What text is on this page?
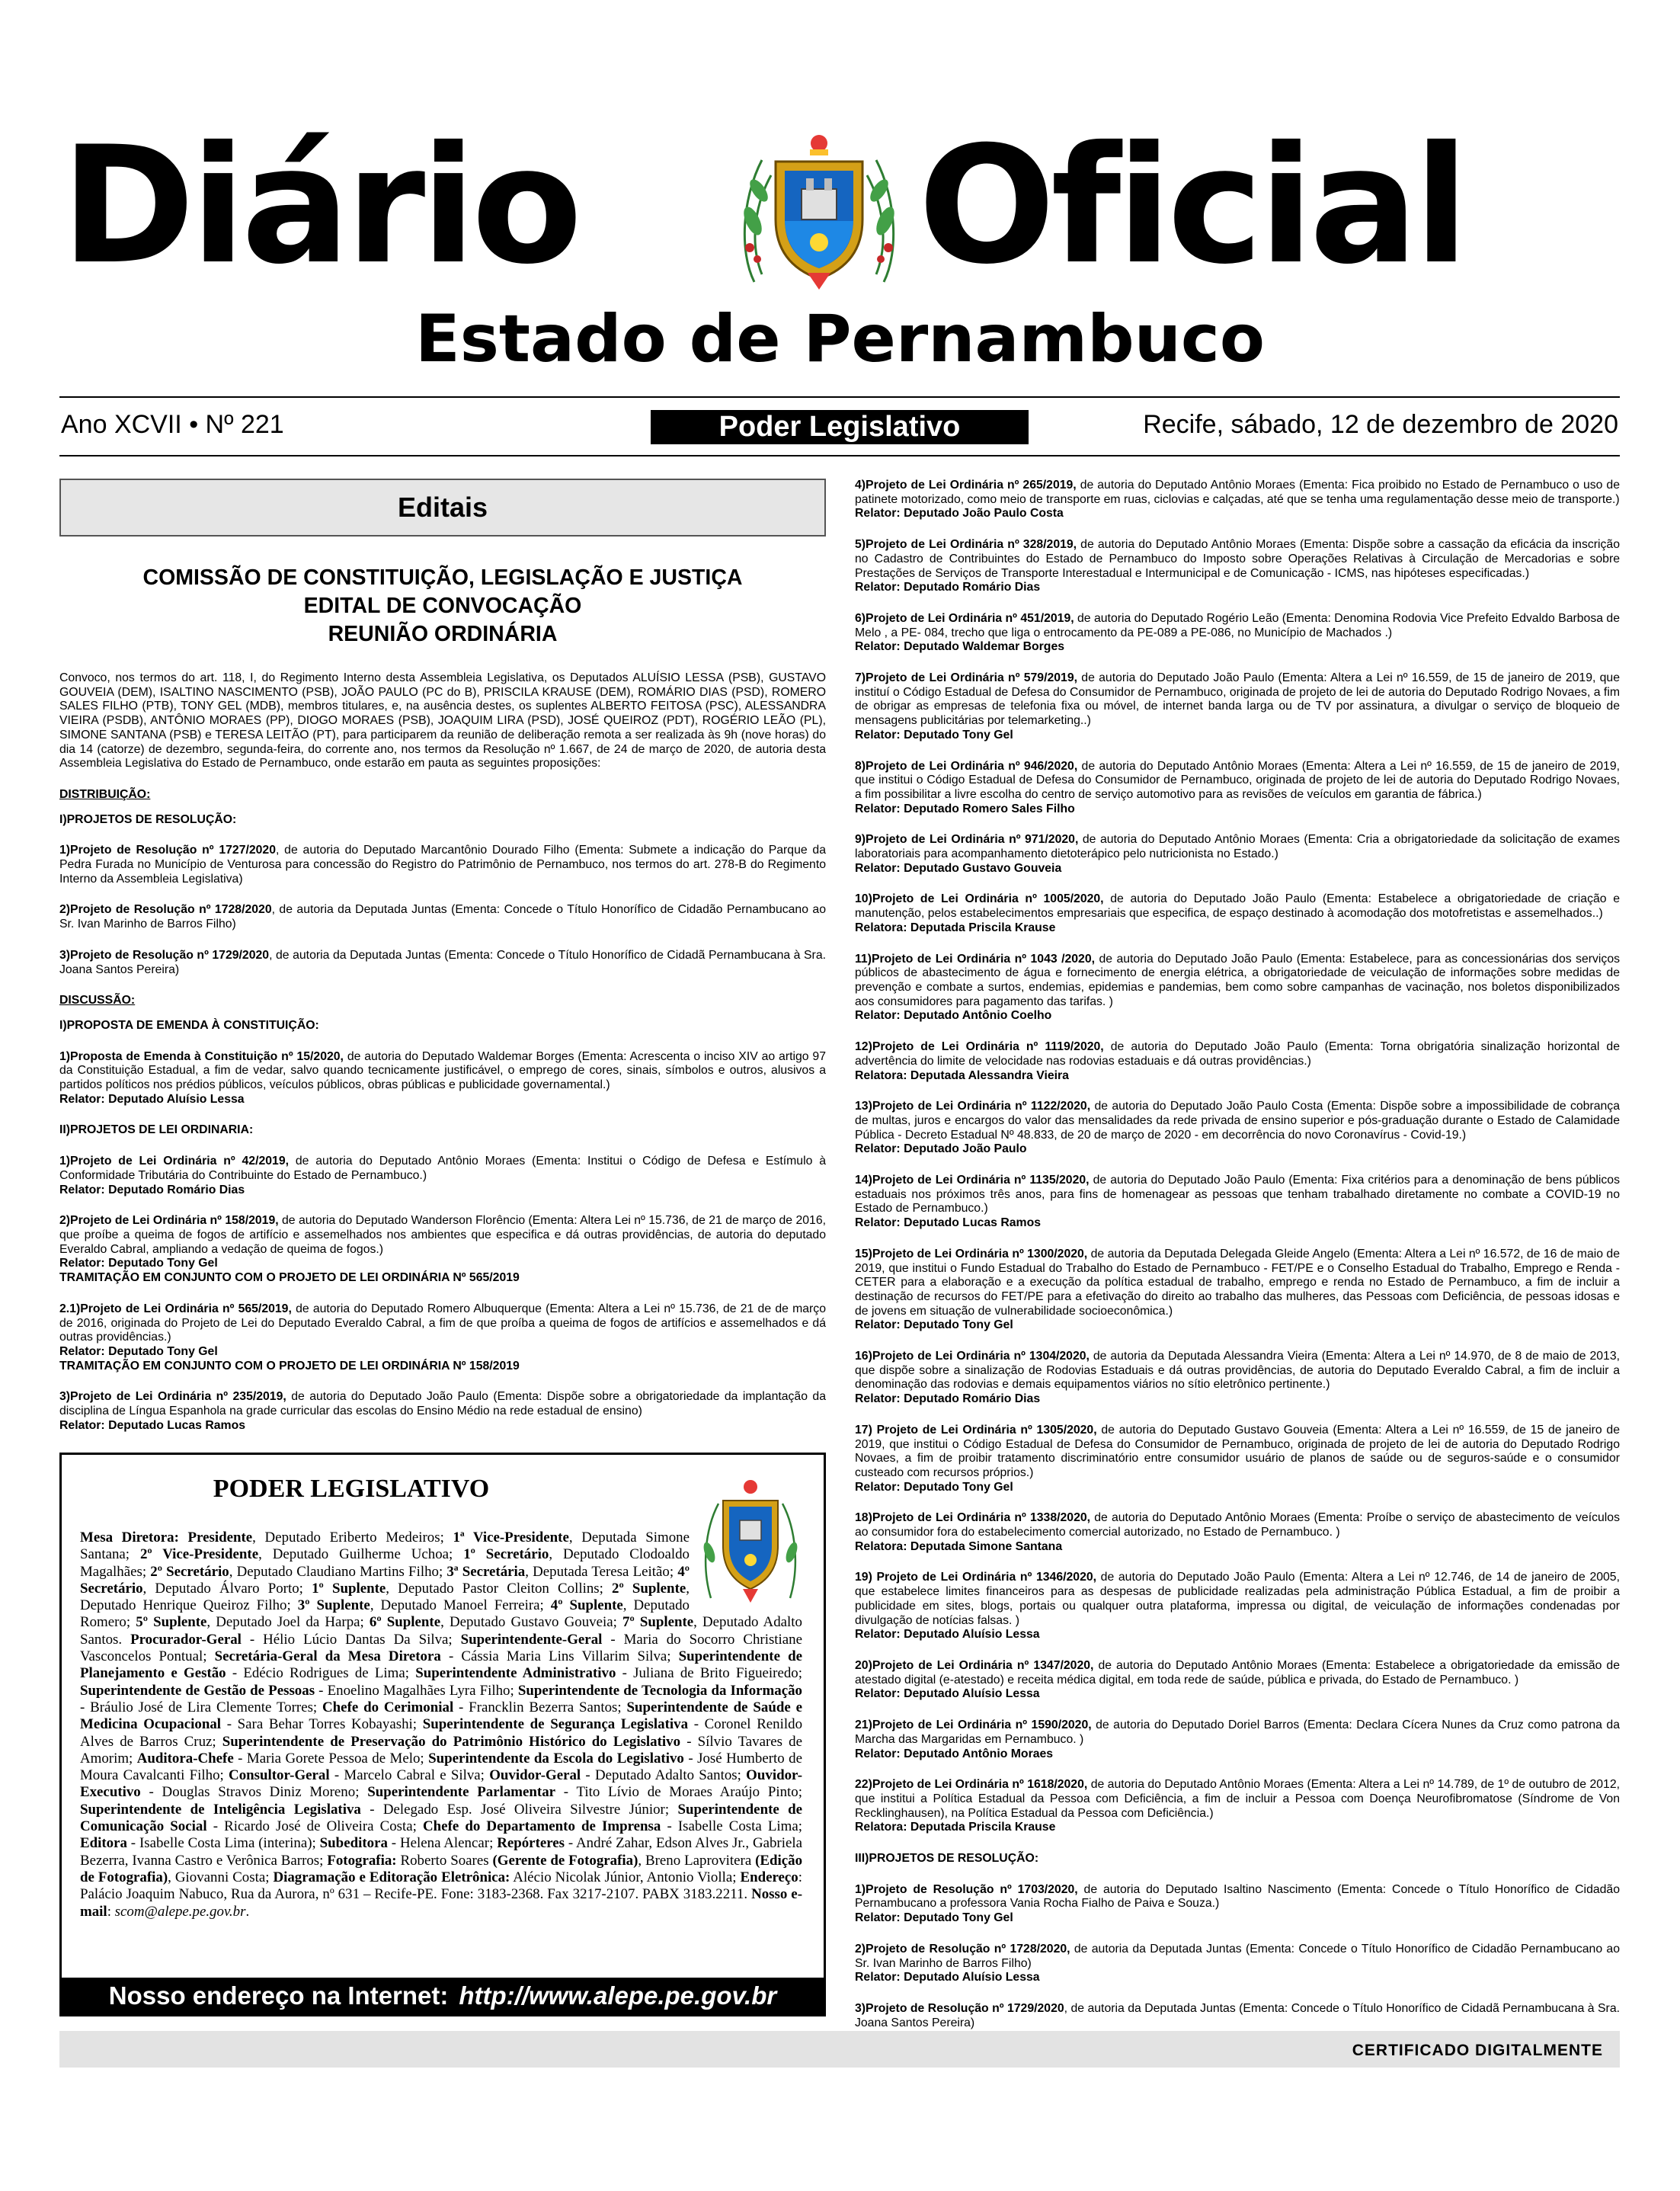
Diário Oficial
Estado de Pernambuco
Ano XCVII • Nº 221	Poder Legislativo	Recife, sábado, 12 de dezembro de 2020
Editais
COMISSÃO DE CONSTITUIÇÃO, LEGISLAÇÃO E JUSTIÇA
EDITAL DE CONVOCAÇÃO
REUNIÃO ORDINÁRIA

Convoco, nos termos do art. 118, I, do Regimento Interno desta Assembleia Legislativa, os Deputados ALUÍSIO LESSA (PSB), GUSTAVO GOUVEIA (DEM), ISALTINO NASCIMENTO (PSB), JOÃO PAULO (PC do B), PRISCILA KRAUSE (DEM), ROMÁRIO DIAS (PSD), ROMERO SALES FILHO (PTB), TONY GEL (MDB), membros titulares, e, na ausência destes, os suplentes ALBERTO FEITOSA (PSC), ALESSANDRA VIEIRA (PSDB), ANTÔNIO MORAES (PP), DIOGO MORAES (PSB), JOAQUIM LIRA (PSD), JOSÉ QUEIROZ (PDT), ROGÉRIO LEÃO (PL), SIMONE SANTANA (PSB) e TERESA LEITÃO (PT), para participarem da reunião de deliberação remota a ser realizada às 9h (nove horas) do dia 14 (catorze) de dezembro, segunda-feira, do corrente ano, nos termos da Resolução nº 1.667, de 24 de março de 2020, de autoria desta Assembleia Legislativa do Estado de Pernambuco, onde estarão em pauta as seguintes proposições:

DISTRIBUIÇÃO:

I)PROJETOS DE RESOLUÇÃO:

1)Projeto de Resolução nº 1727/2020, de autoria do Deputado Marcantônio Dourado Filho (Ementa: Submete a indicação do Parque da Pedra Furada no Município de Venturosa para concessão do Registro do Patrimônio de Pernambuco, nos termos do art. 278-B do Regimento Interno da Assembleia Legislativa)

2)Projeto de Resolução nº 1728/2020, de autoria da Deputada Juntas (Ementa: Concede o Título Honorífico de Cidadão Pernambucano ao Sr. Ivan Marinho de Barros Filho)

3)Projeto de Resolução nº 1729/2020, de autoria da Deputada Juntas (Ementa: Concede o Título Honorífico de Cidadã Pernambucana à Sra. Joana Santos Pereira)

DISCUSSÃO:

I)PROPOSTA DE EMENDA À CONSTITUIÇÃO:

1)Proposta de Emenda à Constituição nº 15/2020, de autoria do Deputado Waldemar Borges (Ementa: Acrescenta o inciso XIV ao artigo 97 da Constituição Estadual, a fim de vedar, salvo quando tecnicamente justificável, o emprego de cores, sinais, símbolos e outros, alusivos a partidos políticos nos prédios públicos, veículos públicos, obras públicas e publicidade governamental.)
Relator: Deputado Aluísio Lessa

II)PROJETOS DE LEI ORDINARIA:

1)Projeto de Lei Ordinária nº 42/2019, de autoria do Deputado Antônio Moraes (Ementa: Institui o Código de Defesa e Estímulo à Conformidade Tributária do Contribuinte do Estado de Pernambuco.)
Relator: Deputado Romário Dias

2)Projeto de Lei Ordinária nº 158/2019, de autoria do Deputado Wanderson Florêncio (Ementa: Altera Lei nº 15.736, de 21 de março de 2016, que proíbe a queima de fogos de artifício e assemelhados nos ambientes que especifica e dá outras providências, de autoria do deputado Everaldo Cabral, ampliando a vedação de queima de fogos.)
Relator: Deputado Tony Gel
TRAMITAÇÃO EM CONJUNTO COM O PROJETO DE LEI ORDINÁRIA Nº 565/2019

2.1)Projeto de Lei Ordinária nº 565/2019, de autoria do Deputado Romero Albuquerque (Ementa: Altera a Lei nº 15.736, de 21 de de março de 2016, originada do Projeto de Lei do Deputado Everaldo Cabral, a fim de que proíba a queima de fogos de artifícios e assemelhados e dá outras providências.)
Relator: Deputado Tony Gel
TRAMITAÇÃO EM CONJUNTO COM O PROJETO DE LEI ORDINÁRIA Nº 158/2019

3)Projeto de Lei Ordinária nº 235/2019, de autoria do Deputado João Paulo (Ementa: Dispõe sobre a obrigatoriedade da implantação da disciplina de Língua Espanhola na grade curricular das escolas do Ensino Médio na rede estadual de ensino)
Relator: Deputado Lucas Ramos

PODER LEGISLATIVO
Mesa Diretora: Presidente, Deputado Eriberto Medeiros; 1ª Vice-Presidente, Deputada Simone Santana; 2º Vice-Presidente, Deputado Guilherme Uchoa; 1º Secretário, Deputado Clodoaldo Magalhães; 2º Secretário, Deputado Claudiano Martins Filho; 3ª Secretária, Deputada Teresa Leitão; 4º Secretário, Deputado Álvaro Porto; 1º Suplente, Deputado Pastor Cleiton Collins; 2º Suplente, Deputado Henrique Queiroz Filho; 3º Suplente, Deputado Manoel Ferreira; 4º Suplente, Deputado Romero; 5º Suplente, Deputado Joel da Harpa; 6º Suplente, Deputado Gustavo Gouveia; 7º Suplente, Deputado Adalto Santos. Procurador-Geral - Hélio Lúcio Dantas Da Silva; Superintendente-Geral - Maria do Socorro Christiane Vasconcelos Pontual; Secretária-Geral da Mesa Diretora - Cássia Maria Lins Villarim Silva; Superintendente de Planejamento e Gestão - Edécio Rodrigues de Lima; Superintendente Administrativo - Juliana de Brito Figueiredo; Superintendente de Gestão de Pessoas - Enoelino Magalhães Lyra Filho; Superintendente de Tecnologia da Informação - Bráulio José de Lira Clemente Torres; Chefe do Cerimonial - Francklin Bezerra Santos; Superintendente de Saúde e Medicina Ocupacional - Sara Behar Torres Kobayashi; Superintendente de Segurança Legislativa - Coronel Renildo Alves de Barros Cruz; Superintendente de Preservação do Patrimônio Histórico do Legislativo - Sílvio Tavares de Amorim; Auditora-Chefe - Maria Gorete Pessoa de Melo; Superintendente da Escola do Legislativo - José Humberto de Moura Cavalcanti Filho; Consultor-Geral - Marcelo Cabral e Silva; Ouvidor-Geral - Deputado Adalto Santos; Ouvidor-Executivo - Douglas Stravos Diniz Moreno; Superintendente Parlamentar - Tito Lívio de Moraes Araújo Pinto; Superintendente de Inteligência Legislativa - Delegado Esp. José Oliveira Silvestre Júnior; Superintendente de Comunicação Social - Ricardo José de Oliveira Costa; Chefe do Departamento de Imprensa - Isabelle Costa Lima; Editora - Isabelle Costa Lima (interina); Subeditora - Helena Alencar; Repórteres - André Zahar, Edson Alves Jr., Gabriela Bezerra, Ivanna Castro e Verônica Barros; Fotografia: Roberto Soares (Gerente de Fotografia), Breno Laprovitera (Edição de Fotografia), Giovanni Costa; Diagramação e Editoração Eletrônica: Alécio Nicolak Júnior, Antonio Violla; Endereço: Palácio Joaquim Nabuco, Rua da Aurora, nº 631 – Recife-PE. Fone: 3183-2368. Fax 3217-2107. PABX 3183.2211. Nosso e-mail: scom@alepe.pe.gov.br.
Nosso endereço na Internet: http://www.alepe.pe.gov.br

4)Projeto de Lei Ordinária nº 265/2019, de autoria do Deputado Antônio Moraes (Ementa: Fica proibido no Estado de Pernambuco o uso de patinete motorizado, como meio de transporte em ruas, ciclovias e calçadas, até que se tenha uma regulamentação desse meio de transporte.)
Relator: Deputado João Paulo Costa

5)Projeto de Lei Ordinária nº 328/2019, de autoria do Deputado Antônio Moraes (Ementa: Dispõe sobre a cassação da eficácia da inscrição no Cadastro de Contribuintes do Estado de Pernambuco do Imposto sobre Operações Relativas à Circulação de Mercadorias e sobre Prestações de Serviços de Transporte Interestadual e Intermunicipal e de Comunicação - ICMS, nas hipóteses especificadas.)
Relator: Deputado Romário Dias

6)Projeto de Lei Ordinária nº 451/2019, de autoria do Deputado Rogério Leão (Ementa: Denomina Rodovia Vice Prefeito Edvaldo Barbosa de Melo , a PE- 084, trecho que liga o entrocamento da PE-089 a PE-086, no Município de Machados .)
Relator: Deputado Waldemar Borges

7)Projeto de Lei Ordinária nº 579/2019, de autoria do Deputado João Paulo (Ementa: Altera a Lei nº 16.559, de 15 de janeiro de 2019, que instituí o Código Estadual de Defesa do Consumidor de Pernambuco, originada de projeto de lei de autoria do Deputado Rodrigo Novaes, a fim de obrigar as empresas de telefonia fixa ou móvel, de internet banda larga ou de TV por assinatura, a divulgar o serviço de bloqueio de mensagens publicitárias por telemarketing..)
Relator: Deputado Tony Gel

8)Projeto de Lei Ordinária nº 946/2020, de autoria do Deputado Antônio Moraes (Ementa: Altera a Lei nº 16.559, de 15 de janeiro de 2019, que institui o Código Estadual de Defesa do Consumidor de Pernambuco, originada de projeto de lei de autoria do Deputado Rodrigo Novaes, a fim possibilitar a livre escolha do centro de serviço automotivo para as revisões de veículos em garantia de fábrica.)
Relator: Deputado Romero Sales Filho

9)Projeto de Lei Ordinária nº 971/2020, de autoria do Deputado Antônio Moraes (Ementa: Cria a obrigatoriedade da solicitação de exames laboratoriais para acompanhamento dietoterápico pelo nutricionista no Estado.)
Relator: Deputado Gustavo Gouveia

10)Projeto de Lei Ordinária nº 1005/2020, de autoria do Deputado João Paulo (Ementa: Estabelece a obrigatoriedade de criação e manutenção, pelos estabelecimentos empresariais que especifica, de espaço destinado à acomodação dos motofretistas e assemelhados..)
Relatora: Deputada Priscila Krause

11)Projeto de Lei Ordinária nº 1043 /2020, de autoria do Deputado João Paulo (Ementa: Estabelece, para as concessionárias dos serviços públicos de abastecimento de água e fornecimento de energia elétrica, a obrigatoriedade de veiculação de informações sobre medidas de prevenção e combate a surtos, endemias, epidemias e pandemias, bem como sobre campanhas de vacinação, nos boletos disponibilizados aos consumidores para pagamento das tarifas. )
Relator: Deputado Antônio Coelho

12)Projeto de Lei Ordinária nº 1119/2020, de autoria do Deputado João Paulo (Ementa: Torna obrigatória sinalização horizontal de advertência do limite de velocidade nas rodovias estaduais e dá outras providências.)
Relatora: Deputada Alessandra Vieira

13)Projeto de Lei Ordinária nº 1122/2020, de autoria do Deputado João Paulo Costa (Ementa: Dispõe sobre a impossibilidade de cobrança de multas, juros e encargos do valor das mensalidades da rede privada de ensino superior e pós-graduação durante o Estado de Calamidade Pública - Decreto Estadual Nº 48.833, de 20 de março de 2020 - em decorrência do novo Coronavírus - Covid-19.)
Relator: Deputado João Paulo

14)Projeto de Lei Ordinária nº 1135/2020, de autoria do Deputado João Paulo (Ementa: Fixa critérios para a denominação de bens públicos estaduais nos próximos três anos, para fins de homenagear as pessoas que tenham trabalhado diretamente no combate a COVID-19 no Estado de Pernambuco.)
Relator: Deputado Lucas Ramos

15)Projeto de Lei Ordinária nº 1300/2020, de autoria da Deputada Delegada Gleide Angelo (Ementa: Altera a Lei nº 16.572, de 16 de maio de 2019, que institui o Fundo Estadual do Trabalho do Estado de Pernambuco - FET/PE e o Conselho Estadual do Trabalho, Emprego e Renda - CETER para a elaboração e a execução da política estadual de trabalho, emprego e renda no Estado de Pernambuco, a fim de incluir a destinação de recursos do FET/PE para a efetivação do direito ao trabalho das mulheres, das Pessoas com Deficiência, de pessoas idosas e de jovens em situação de vulnerabilidade socioeconômica.)
Relator: Deputado Tony Gel

16)Projeto de Lei Ordinária nº 1304/2020, de autoria da Deputada Alessandra Vieira (Ementa: Altera a Lei nº 14.970, de 8 de maio de 2013, que dispõe sobre a sinalização de Rodovias Estaduais e dá outras providências, de autoria do Deputado Everaldo Cabral, a fim de incluir a denominação das rodovias e demais equipamentos viários no sítio eletrônico pertinente.)
Relator: Deputado Romário Dias

17) Projeto de Lei Ordinária nº 1305/2020, de autoria do Deputado Gustavo Gouveia (Ementa: Altera a Lei nº 16.559, de 15 de janeiro de 2019, que institui o Código Estadual de Defesa do Consumidor de Pernambuco, originada de projeto de lei de autoria do Deputado Rodrigo Novaes, a fim de proibir tratamento discriminatório entre consumidor usuário de planos de saúde ou de seguros-saúde e o consumidor custeado com recursos próprios.)
Relator: Deputado Tony Gel

18)Projeto de Lei Ordinária nº 1338/2020, de autoria do Deputado Antônio Moraes (Ementa: Proíbe o serviço de abastecimento de veículos ao consumidor fora do estabelecimento comercial autorizado, no Estado de Pernambuco. )
Relatora: Deputada Simone Santana

19) Projeto de Lei Ordinária nº 1346/2020, de autoria do Deputado João Paulo (Ementa: Altera a Lei nº 12.746, de 14 de janeiro de 2005, que estabelece limites financeiros para as despesas de publicidade realizadas pela administração Pública Estadual, a fim de proibir a publicidade em sites, blogs, portais ou qualquer outra plataforma, impressa ou digital, de veiculação de informações condenadas por divulgação de notícias falsas. )
Relator: Deputado Aluísio Lessa

20)Projeto de Lei Ordinária nº 1347/2020, de autoria do Deputado Antônio Moraes (Ementa: Estabelece a obrigatoriedade da emissão de atestado digital (e-atestado) e receita médica digital, em toda rede de saúde, pública e privada, do Estado de Pernambuco. )
Relator: Deputado Aluísio Lessa

21)Projeto de Lei Ordinária nº 1590/2020, de autoria do Deputado Doriel Barros (Ementa: Declara Cícera Nunes da Cruz como patrona da Marcha das Margaridas em Pernambuco. )
Relator: Deputado Antônio Moraes

22)Projeto de Lei Ordinária nº 1618/2020, de autoria do Deputado Antônio Moraes (Ementa: Altera a Lei nº 14.789, de 1º de outubro de 2012, que institui a Política Estadual da Pessoa com Deficiência, a fim de incluir a Pessoa com Doença Neurofibromatose (Síndrome de Von Recklinghausen), na Política Estadual da Pessoa com Deficiência.)
Relatora: Deputada Priscila Krause

III)PROJETOS DE RESOLUÇÃO:

1)Projeto de Resolução nº 1703/2020, de autoria do Deputado Isaltino Nascimento (Ementa: Concede o Título Honorífico de Cidadão Pernambucano a professora Vania Rocha Fialho de Paiva e Souza.)
Relator: Deputado Tony Gel

2)Projeto de Resolução nº 1728/2020, de autoria da Deputada Juntas (Ementa: Concede o Título Honorífico de Cidadão Pernambucano ao Sr. Ivan Marinho de Barros Filho)
Relator: Deputado Aluísio Lessa

3)Projeto de Resolução nº 1729/2020, de autoria da Deputada Juntas (Ementa: Concede o Título Honorífico de Cidadã Pernambucana à Sra. Joana Santos Pereira)

CERTIFICADO DIGITALMENTE
